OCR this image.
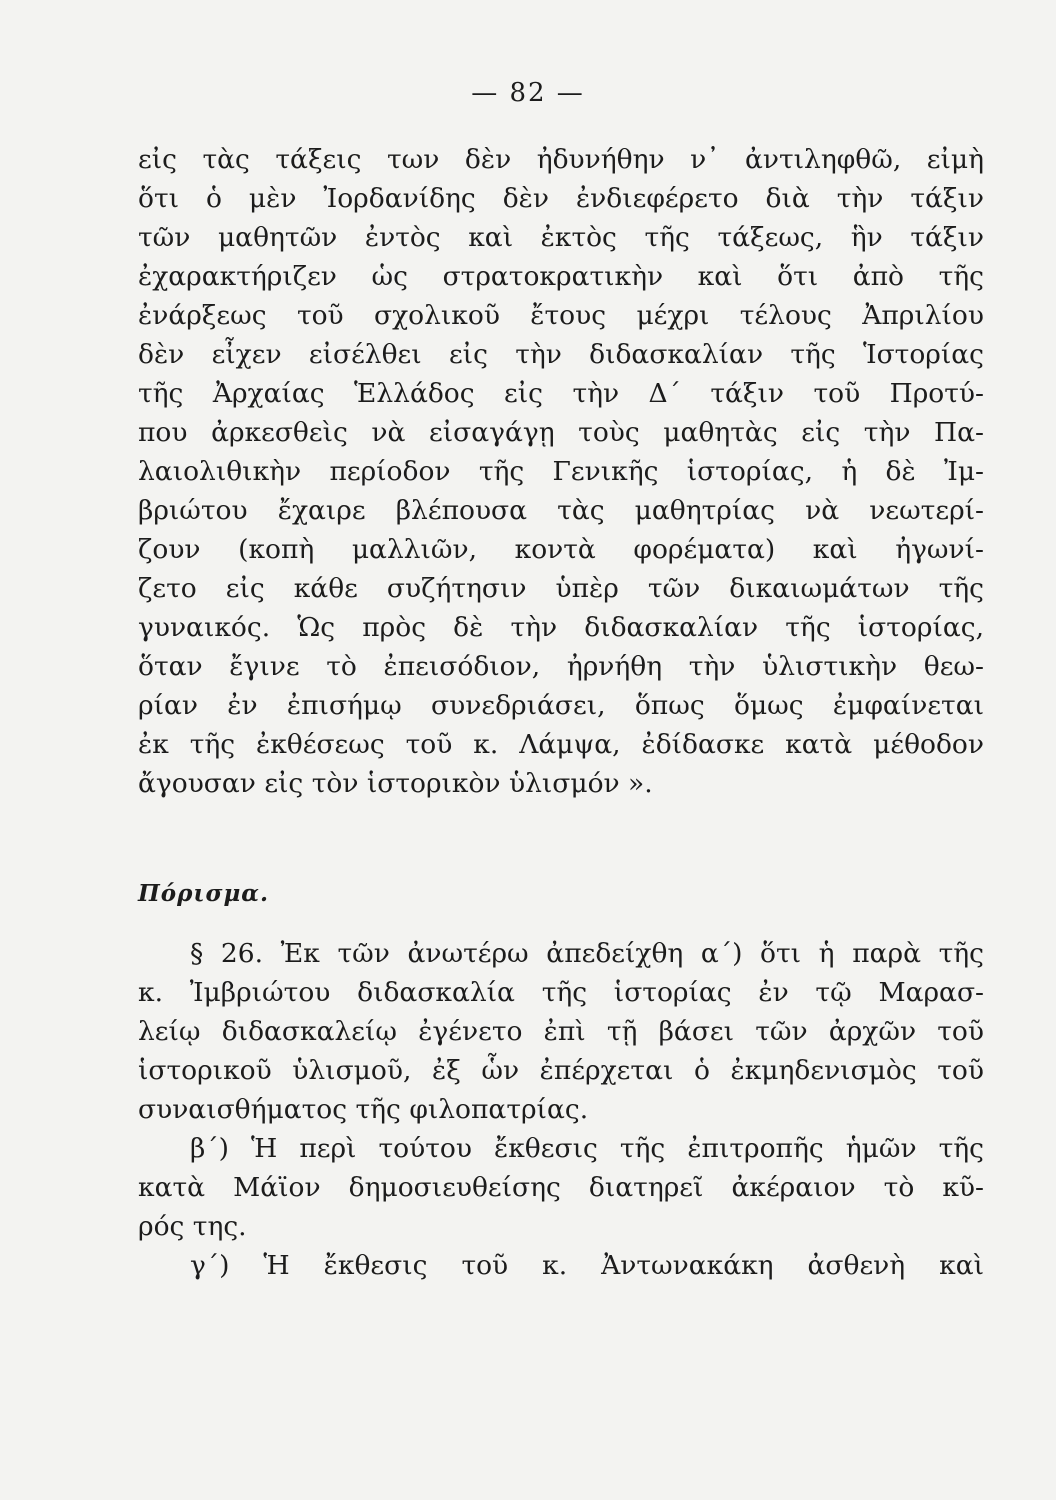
— 82 —
εἰς τὰς τάξεις των δὲν ἠδυνήθην ν᾽ ἀντιληφθῶ, εἰμὴ
ὅτι ὁ μὲν Ἰορδανίδης δὲν ἐνδιεφέρετο διὰ τὴν τάξιν
τῶν μαθητῶν ἐντὸς καὶ ἐκτὸς τῆς τάξεως, ἣν τάξιν
ἐχαρακτήριζεν ὡς στρατοκρατικὴν καὶ ὅτι ἀπὸ τῆς
ἐνάρξεως τοῦ σχολικοῦ ἔτους μέχρι τέλους Ἀπριλίου
δὲν εἶχεν εἰσέλθει εἰς τὴν διδασκαλίαν τῆς Ἱστορίας
τῆς Ἀρχαίας Ἑλλάδος εἰς τὴν Δ΄ τάξιν τοῦ Προτύ-
που ἀρκεσθεὶς νὰ εἰσαγάγῃ τοὺς μαθητὰς εἰς τὴν Πα-
λαιολιθικὴν περίοδον τῆς Γενικῆς ἱστορίας, ἡ δὲ Ἰμ-
βριώτου ἔχαιρε βλέπουσα τὰς μαθητρίας νὰ νεωτερί-
ζουν (κοπὴ μαλλιῶν, κοντὰ φορέματα) καὶ ἠγωνί-
ζετο εἰς κάθε συζήτησιν ὑπὲρ τῶν δικαιωμάτων τῆς
γυναικός. Ὡς πρὸς δὲ τὴν διδασκαλίαν τῆς ἱστορίας,
ὅταν ἔγινε τὸ ἐπεισόδιον, ἠρνήθη τὴν ὑλιστικὴν θεω-
ρίαν ἐν ἐπισήμῳ συνεδριάσει, ὅπως ὅμως ἐμφαίνεται
ἐκ τῆς ἐκθέσεως τοῦ κ. Λάμψα, ἐδίδασκε κατὰ μέθοδον
ἄγουσαν εἰς τὸν ἱστορικὸν ὑλισμόν ».
Πόρισμα.
§ 26. Ἐκ τῶν ἀνωτέρω ἀπεδείχθη α΄) ὅτι ἡ παρὰ τῆς
κ. Ἰμβριώτου διδασκαλία τῆς ἱστορίας ἐν τῷ Μαρασ-
λείῳ διδασκαλείῳ ἐγένετο ἐπὶ τῇ βάσει τῶν ἀρχῶν τοῦ
ἱστορικοῦ ὑλισμοῦ, ἐξ ὧν ἐπέρχεται ὁ ἐκμηδενισμὸς τοῦ
συναισθήματος τῆς φιλοπατρίας.
β΄) Ἡ περὶ τούτου ἔκθεσις τῆς ἐπιτροπῆς ἡμῶν τῆς
κατὰ Μάϊον δημοσιευθείσης διατηρεῖ ἀκέραιον τὸ κῦ-
ρός της.
γ΄) Ἡ ἔκθεσις τοῦ κ. Ἀντωνακάκη ἀσθενὴ καὶ
